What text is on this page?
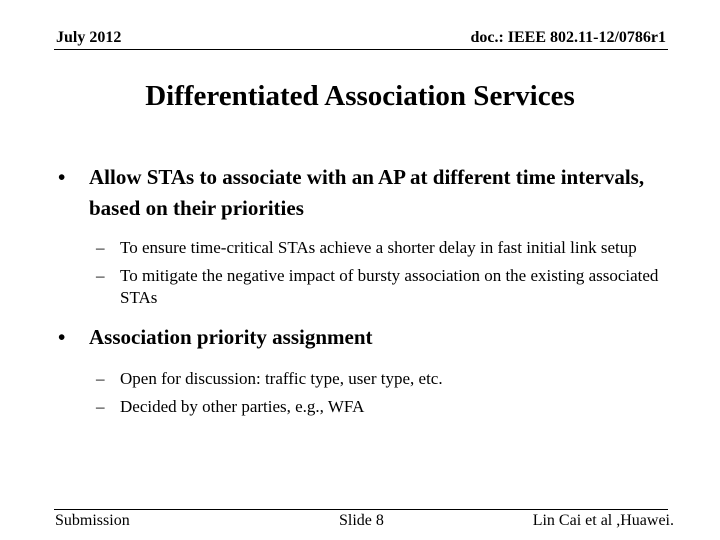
July 2012	doc.: IEEE 802.11-12/0786r1
Differentiated Association Services
• Allow STAs to associate with an AP at different time intervals, based on their priorities
– To ensure time-critical STAs achieve a shorter delay in fast initial link setup
– To mitigate the negative impact of bursty association on the existing associated STAs
• Association priority assignment
– Open for discussion: traffic type, user type, etc.
– Decided by other parties, e.g., WFA
Submission	Slide 8	Lin Cai et al ,Huawei.
